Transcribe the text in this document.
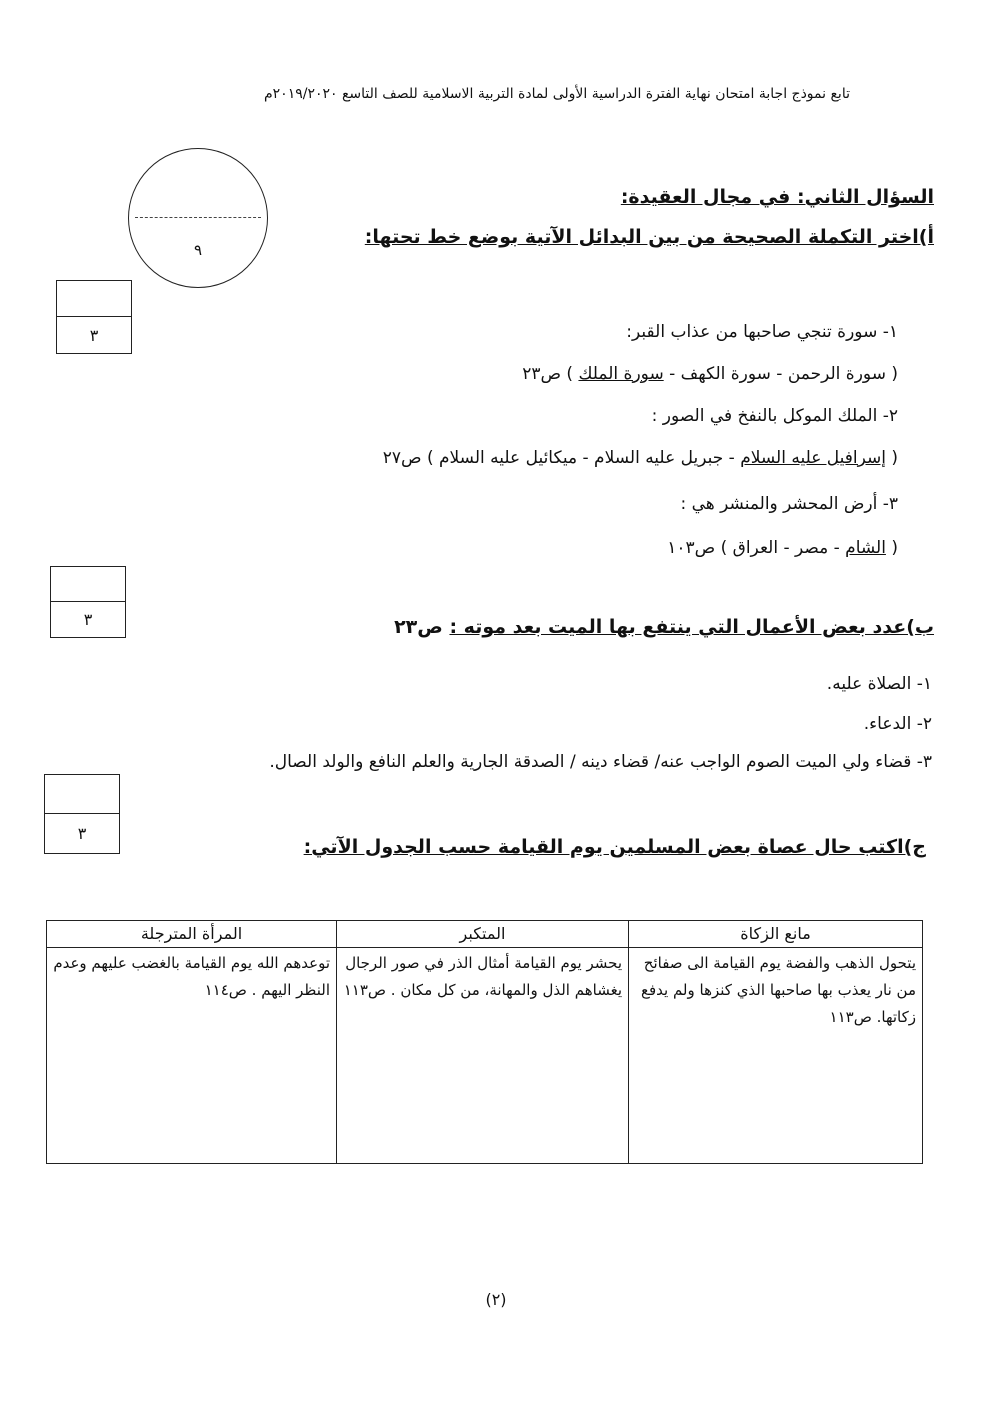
تابع نموذج اجابة امتحان نهاية الفترة الدراسية الأولى لمادة التربية الاسلامية للصف التاسع ٢٠١٩/٢٠٢٠م
٩
السؤال الثاني: في مجال العقيدة:
أ)اختر التكملة الصحيحة من بين البدائل الآتية بوضع خط تحتها:
٣	١- سورة تنجي صاحبها من عذاب القبر:
( سورة الرحمن - سورة الكهف - سورة الملك ) ص٢٣
٢- الملك الموكل بالنفخ في الصور :
( إسرافيل عليه السلام - جبريل عليه السلام - ميكائيل عليه السلام ) ص٢٧
٣- أرض المحشر والمنشر هي :
( الشام - مصر - العراق ) ص١٠٣
٣	ب)عدد بعض الأعمال التي ينتفع بها الميت بعد موته : ص٢٣
١- الصلاة عليه.
٢- الدعاء.
٣- قضاء ولي الميت الصوم الواجب عنه/ قضاء دينه / الصدقة الجارية والعلم النافع والولد الصال.
٣
ج)اكتب حال عصاة بعض المسلمين يوم القيامة حسب الجدول الآتي:
مانع الزكاة	المتكبر	المرأة المترجلة
يتحول الذهب والفضة يوم القيامة الى صفائح من نار يعذب بها صاحبها الذي كنزها ولم يدفع زكاتها. ص١١٣	يحشر يوم القيامة أمثال الذر في صور الرجال يغشاهم الذل والمهانة، من كل مكان . ص١١٣	توعدهم الله يوم القيامة بالغضب عليهم وعدم النظر اليهم . ص١١٤
(٢)
